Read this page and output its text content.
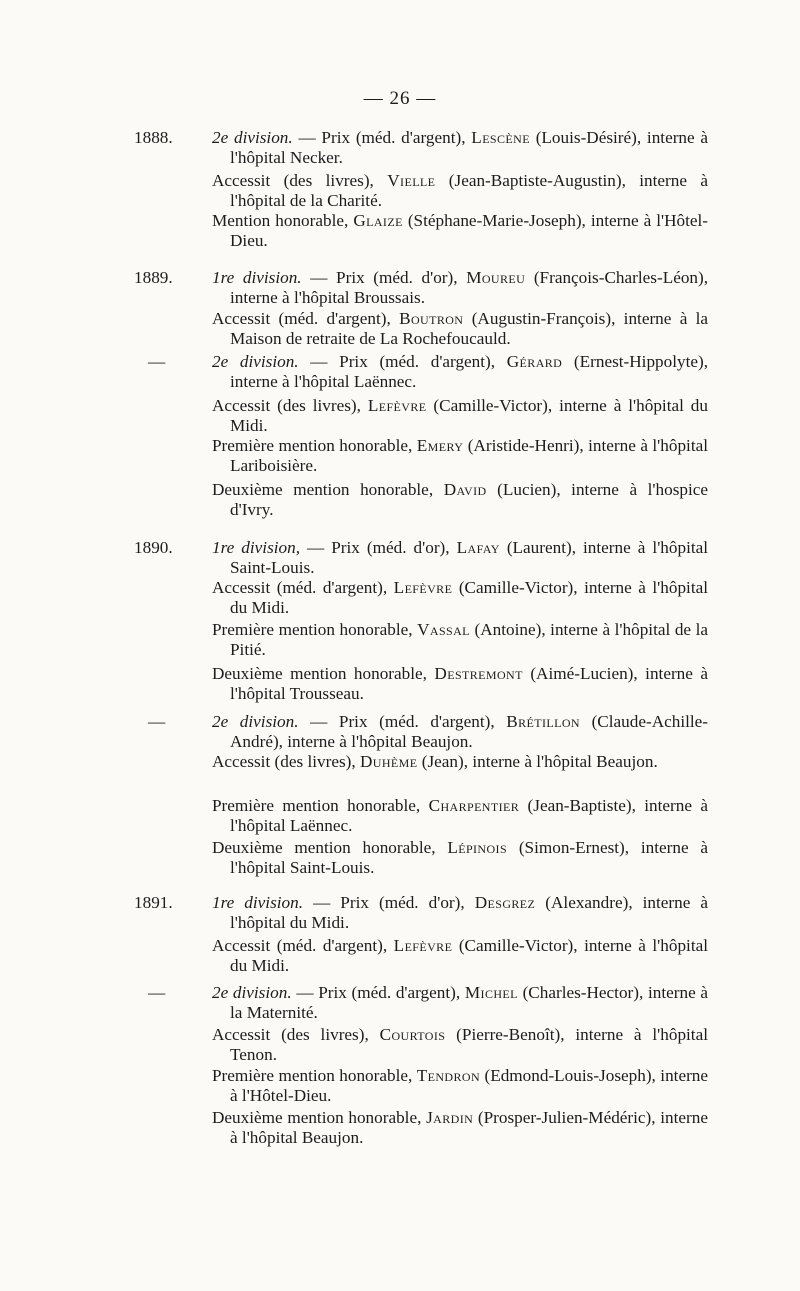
— 26 —
1888. 2e division. — Prix (méd. d'argent), Lescène (Louis-Désiré), interne à l'hôpital Necker.
Accessit (des livres), Vielle (Jean-Baptiste-Augustin), interne à l'hôpital de la Charité.
Mention honorable, Glaize (Stéphane-Marie-Joseph), interne à l'Hôtel-Dieu.
1889. 1re division. — Prix (méd. d'or), Moureu (François-Charles-Léon), interne à l'hôpital Broussais.
Accessit (méd. d'argent), Boutron (Augustin-François), interne à la Maison de retraite de La Rochefoucauld.
—	2e division. — Prix (méd. d'argent), Gérard (Ernest-Hippolyte), interne à l'hôpital Laënnec.
Accessit (des livres), Lefèvre (Camille-Victor), interne à l'hôpital du Midi.
Première mention honorable, Emery (Aristide-Henri), interne à l'hôpital Lariboisière.
Deuxième mention honorable, David (Lucien), interne à l'hospice d'Ivry.
1890. 1re division, — Prix (méd. d'or), Lafay (Laurent), interne à l'hôpital Saint-Louis.
Accessit (méd. d'argent), Lefèvre (Camille-Victor), interne à l'hôpital du Midi.
Première mention honorable, Vassal (Antoine), interne à l'hôpital de la Pitié.
Deuxième mention honorable, Destremont (Aimé-Lucien), interne à l'hôpital Trousseau.
—	2e division. — Prix (méd. d'argent), Brétillon (Claude-Achille-André), interne à l'hôpital Beaujon.
Accessit (des livres), Duhème (Jean), interne à l'hôpital Beaujon.
Première mention honorable, Charpentier (Jean-Baptiste), interne à l'hôpital Laënnec.
Deuxième mention honorable, Lépinois (Simon-Ernest), interne à l'hôpital Saint-Louis.
1891. 1re division. — Prix (méd. d'or), Desgrez (Alexandre), interne à l'hôpital du Midi.
Accessit (méd. d'argent), Lefèvre (Camille-Victor), interne à l'hôpital du Midi.
—	2e division. — Prix (méd. d'argent), Michel (Charles-Hector), interne à la Maternité.
Accessit (des livres), Courtois (Pierre-Benoît), interne à l'hôpital Tenon.
Première mention honorable, Tendron (Edmond-Louis-Joseph), interne à l'Hôtel-Dieu.
Deuxième mention honorable, Jardin (Prosper-Julien-Médéric), interne à l'hôpital Beaujon.
